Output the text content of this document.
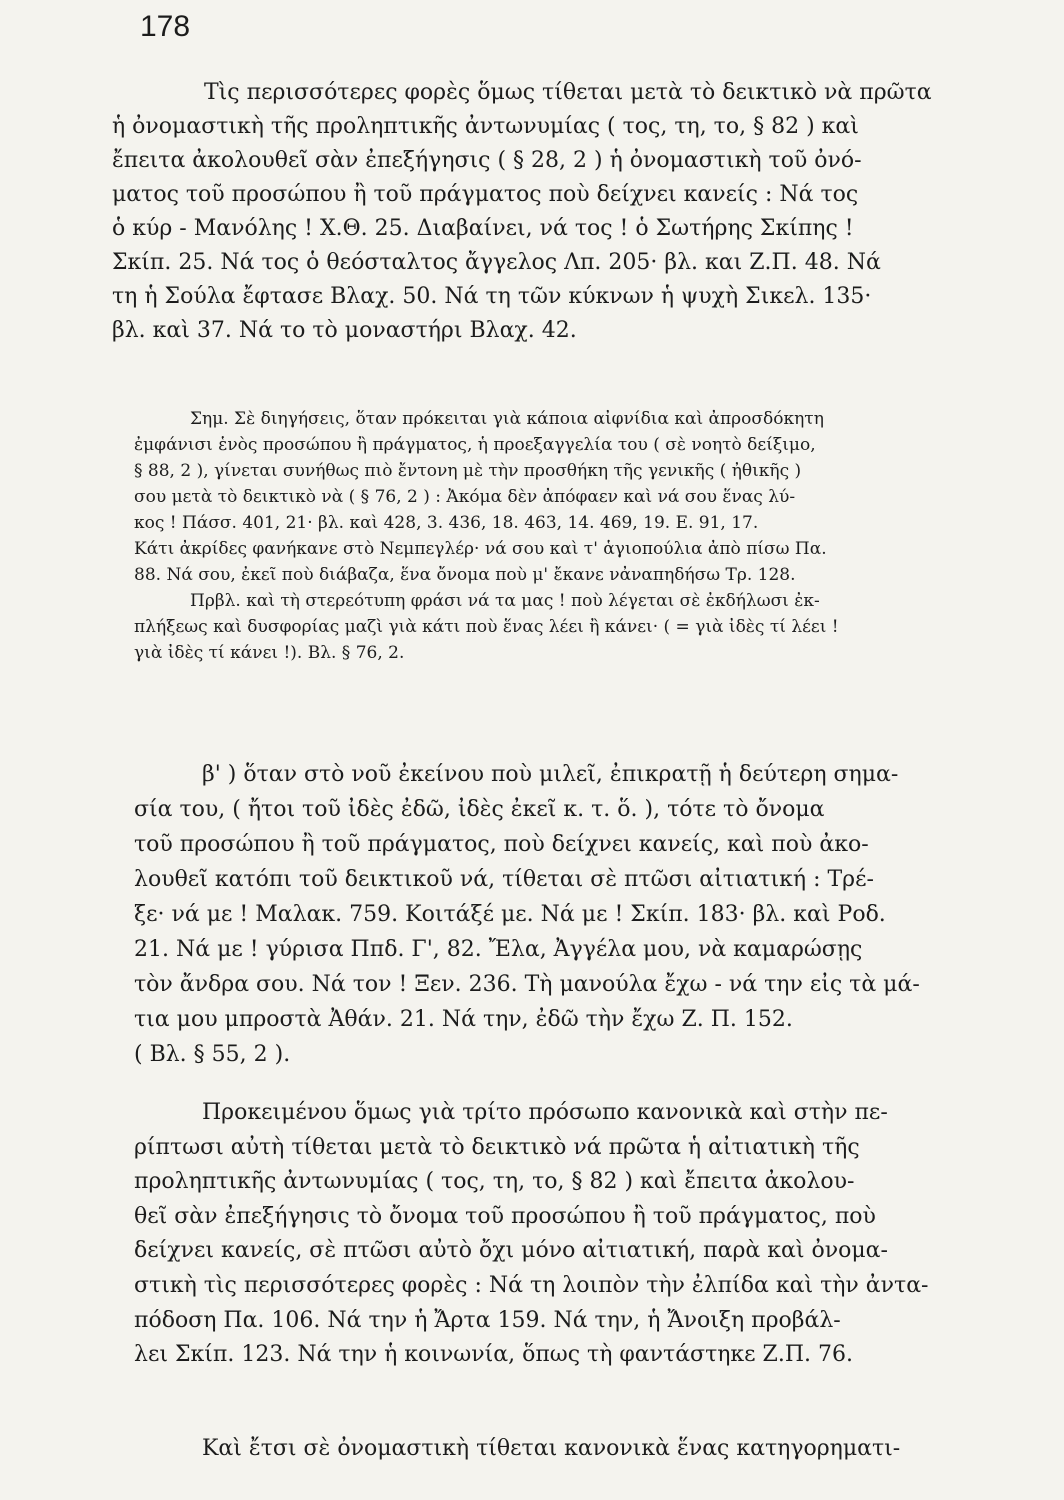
178
Τὶς περισσότερες φορὲς ὅμως τίθεται μετὰ τὸ δεικτικὸ νὰ πρῶτα
ἡ ὀνομαστικὴ τῆς προληπτικῆς ἀντωνυμίας ( τος, τη, το, § 82 ) καὶ
ἔπειτα ἀκολουθεῖ σὰν ἐπεξήγησις ( § 28, 2 ) ἡ ὀνομαστικὴ τοῦ ὀνό-
ματος τοῦ προσώπου ἢ τοῦ πράγματος ποὺ δείχνει κανείς : Νά τος
ὁ κύρ - Μανόλης ! Χ.Θ. 25. Διαβαίνει, νά τος ! ὁ Σωτήρης Σκίπης !
Σκίπ. 25. Νά τος ὁ θεόσταλτος ἄγγελος Λπ. 205· βλ. και Ζ.Π. 48. Νά
τη ἡ Σούλα ἔφτασε Βλαχ. 50. Νά τη τῶν κύκνων ἡ ψυχὴ Σικελ. 135·
βλ. καὶ 37. Νά το τὸ μοναστήρι Βλαχ. 42.
Σημ. Σὲ διηγήσεις, ὅταν πρόκειται γιὰ κάποια αἰφνίδια καὶ ἀπροσδόκητη
ἐμφάνισι ἑνὸς προσώπου ἢ πράγματος, ἡ προεξαγγελία του ( σὲ νοητὸ δείξιμο,
§ 88, 2 ), γίνεται συνήθως πιὸ ἔντονη μὲ τὴν προσθήκη τῆς γενικῆς ( ἠθικῆς )
σου μετὰ τὸ δεικτικὸ νὰ ( § 76, 2 ) : Ἀκόμα δὲν ἀπόφαεν καὶ νά σου ἕνας λύ-
κος ! Πάσσ. 401, 21· βλ. καὶ 428, 3. 436, 18. 463, 14. 469, 19. Ε. 91, 17.
Κάτι ἀκρίδες φανήκανε στὸ Νεμπεγλέρ· νά σου καὶ τ' ἁγιοπούλια ἀπὸ πίσω Πα.
88. Νά σου, ἐκεῖ ποὺ διάβαζα, ἕνα ὄνομα ποὺ μ' ἔκανε νἀναπηδήσω Τρ. 128.
Πρβλ. καὶ τὴ στερεότυπη φράσι νά τα μας ! ποὺ λέγεται σὲ ἐκδήλωσι ἐκ-
πλήξεως καὶ δυσφορίας μαζὶ γιὰ κάτι ποὺ ἕνας λέει ἢ κάνει· ( = γιὰ ἰδὲς τί λέει !
γιὰ ἰδὲς τί κάνει !). Βλ. § 76, 2.
β' ) ὅταν στὸ νοῦ ἐκείνου ποὺ μιλεῖ, ἐπικρατῇ ἡ δεύτερη σημα-
σία του, ( ἤτοι τοῦ ἰδὲς ἐδῶ, ἰδὲς ἐκεῖ κ. τ. ὅ. ), τότε τὸ ὄνομα
τοῦ προσώπου ἢ τοῦ πράγματος, ποὺ δείχνει κανείς, καὶ ποὺ ἀκο-
λουθεῖ κατόπι τοῦ δεικτικοῦ νά, τίθεται σὲ πτῶσι αἰτιατική : Τρέ-
ξε· νά με ! Μαλακ. 759. Κοιτάξέ με. Νά με ! Σκίπ. 183· βλ. καὶ Ροδ.
21. Νά με ! γύρισα Ππδ. Γ', 82. Ἔλα, Ἀγγέλα μου, νὰ καμαρώσῃς
τὸν ἄνδρα σου. Νά τον ! Ξεν. 236. Τὴ μανούλα ἔχω - νά την εἰς τὰ μά-
τια μου μπροστὰ Ἀθάν. 21. Νά την, ἐδῶ τὴν ἔχω Ζ. Π. 152.
( Βλ. § 55, 2 ).
Προκειμένου ὅμως γιὰ τρίτο πρόσωπο κανονικὰ καὶ στὴν πε-
ρίπτωσι αὐτὴ τίθεται μετὰ τὸ δεικτικὸ νά πρῶτα ἡ αἰτιατικὴ τῆς
προληπτικῆς ἀντωνυμίας ( τος, τη, το, § 82 ) καὶ ἔπειτα ἀκολου-
θεῖ σὰν ἐπεξήγησις τὸ ὄνομα τοῦ προσώπου ἢ τοῦ πράγματος, ποὺ
δείχνει κανείς, σὲ πτῶσι αὐτὸ ὄχι μόνο αἰτιατική, παρὰ καὶ ὀνομα-
στικὴ τὶς περισσότερες φορὲς : Νά τη λοιπὸν τὴν ἐλπίδα καὶ τὴν ἀντα-
πόδοση Πα. 106. Νά την ἡ Ἄρτα 159. Νά την, ἡ Ἄνοιξη προβάλ-
λει Σκίπ. 123. Νά την ἡ κοινωνία, ὅπως τὴ φαντάστηκε Ζ.Π. 76.
Καὶ ἔτσι σὲ ὀνομαστικὴ τίθεται κανονικὰ ἕνας κατηγορηματι-
